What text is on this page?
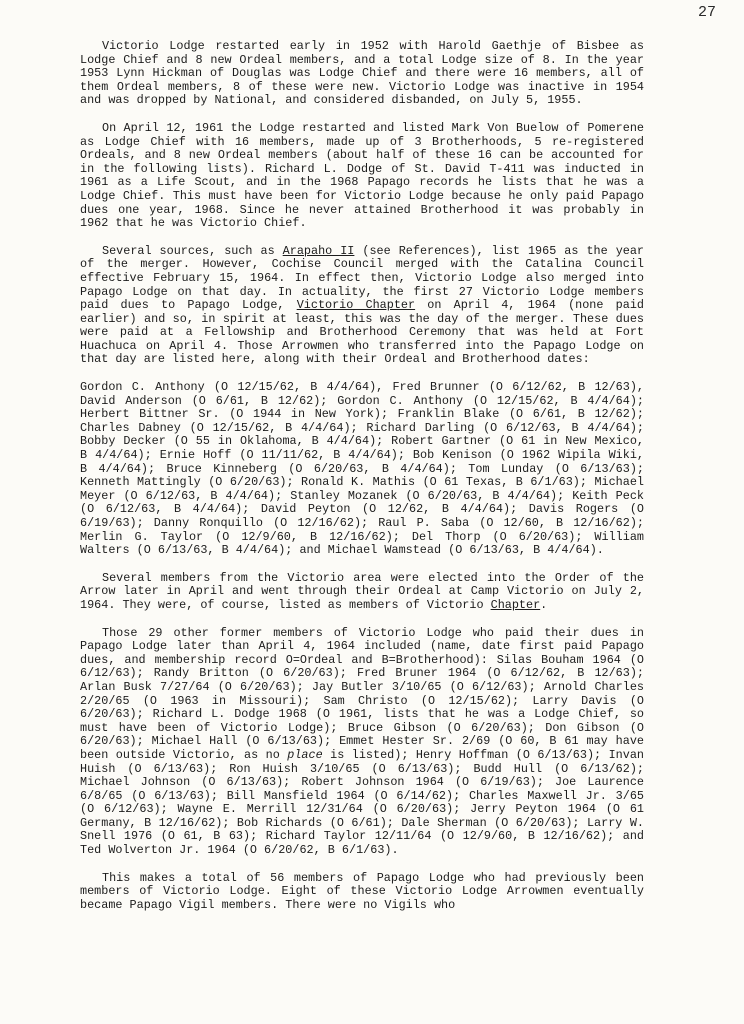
27

Victorio Lodge restarted early in 1952 with Harold Gaethje of Bisbee as Lodge Chief and 8 new Ordeal members, and a total Lodge size of 8. In the year 1953 Lynn Hickman of Douglas was Lodge Chief and there were 16 members, all of them Ordeal members, 8 of these were new. Victorio Lodge was inactive in 1954 and was dropped by National, and considered disbanded, on July 5, 1955.

On April 12, 1961 the Lodge restarted and listed Mark Von Buelow of Pomerene as Lodge Chief with 16 members, made up of 3 Brotherhoods, 5 re-registered Ordeals, and 8 new Ordeal members (about half of these 16 can be accounted for in the following lists). Richard L. Dodge of St. David T-411 was inducted in 1961 as a Life Scout, and in the 1968 Papago records he lists that he was a Lodge Chief. This must have been for Victorio Lodge because he only paid Papago dues one year, 1968. Since he never attained Brotherhood it was probably in 1962 that he was Victorio Chief.

Several sources, such as Arapaho II (see References), list 1965 as the year of the merger. However, Cochise Council merged with the Catalina Council effective February 15, 1964. In effect then, Victorio Lodge also merged into Papago Lodge on that day. In actuality, the first 27 Victorio Lodge members paid dues to Papago Lodge, Victorio Chapter on April 4, 1964 (none paid earlier) and so, in spirit at least, this was the day of the merger. These dues were paid at a Fellowship and Brotherhood Ceremony that was held at Fort Huachuca on April 4. Those Arrowmen who transferred into the Papago Lodge on that day are listed here, along with their Ordeal and Brotherhood dates:

Gordon C. Anthony (O 12/15/62, B 4/4/64), Fred Brunner (O 6/12/62, B 12/63), David Anderson (O 6/61, B 12/62); Gordon C. Anthony (O 12/15/62, B 4/4/64); Herbert Bittner Sr. (O 1944 in New York); Franklin Blake (O 6/61, B 12/62); Charles Dabney (O 12/15/62, B 4/4/64); Richard Darling (O 6/12/63, B 4/4/64); Bobby Decker (O 55 in Oklahoma, B 4/4/64); Robert Gartner (O 61 in New Mexico, B 4/4/64); Ernie Hoff (O 11/11/62, B 4/4/64); Bob Kenison (O 1962 Wipila Wiki, B 4/4/64); Bruce Kinneberg (O 6/20/63, B 4/4/64); Tom Lunday (O 6/13/63); Kenneth Mattingly (O 6/20/63); Ronald K. Mathis (O 61 Texas, B 6/1/63); Michael Meyer (O 6/12/63, B 4/4/64); Stanley Mozanek (O 6/20/63, B 4/4/64); Keith Peck (O 6/12/63, B 4/4/64); David Peyton (O 12/62, B 4/4/64); Davis Rogers (O 6/19/63); Danny Ronquillo (O 12/16/62); Raul P. Saba (O 12/60, B 12/16/62); Merlin G. Taylor (O 12/9/60, B 12/16/62); Del Thorp (O 6/20/63); William Walters (O 6/13/63, B 4/4/64); and Michael Wamstead (O 6/13/63, B 4/4/64).

Several members from the Victorio area were elected into the Order of the Arrow later in April and went through their Ordeal at Camp Victorio on July 2, 1964. They were, of course, listed as members of Victorio Chapter.

Those 29 other former members of Victorio Lodge who paid their dues in Papago Lodge later than April 4, 1964 included (name, date first paid Papago dues, and membership record O=Ordeal and B=Brotherhood): Silas Bouham 1964 (O 6/12/63); Randy Britton (O 6/20/63); Fred Bruner 1964 (O 6/12/62, B 12/63); Arlan Busk 7/27/64 (O 6/20/63); Jay Butler 3/10/65 (O 6/12/63); Arnold Charles 2/20/65 (O 1963 in Missouri); Sam Christo (O 12/15/62); Larry Davis (O 6/20/63); Richard L. Dodge 1968 (O 1961, lists that he was a Lodge Chief, so must have been of Victorio Lodge); Bruce Gibson (O 6/20/63); Don Gibson (O 6/20/63); Michael Hall (O 6/13/63); Emmet Hester Sr. 2/69 (O 60, B 61 may have been outside Victorio, as no place is listed); Henry Hoffman (O 6/13/63); Invan Huish (O 6/13/63); Ron Huish 3/10/65 (O 6/13/63); Budd Hull (O 6/13/62); Michael Johnson (O 6/13/63); Robert Johnson 1964 (O 6/19/63); Joe Laurence 6/8/65 (O 6/13/63); Bill Mansfield 1964 (O 6/14/62); Charles Maxwell Jr. 3/65 (O 6/12/63); Wayne E. Merrill 12/31/64 (O 6/20/63); Jerry Peyton 1964 (O 61 Germany, B 12/16/62); Bob Richards (O 6/61); Dale Sherman (O 6/20/63); Larry W. Snell 1976 (O 61, B 63); Richard Taylor 12/11/64 (O 12/9/60, B 12/16/62); and Ted Wolverton Jr. 1964 (O 6/20/62, B 6/1/63).

This makes a total of 56 members of Papago Lodge who had previously been members of Victorio Lodge. Eight of these Victorio Lodge Arrowmen eventually became Papago Vigil members. There were no Vigils who
